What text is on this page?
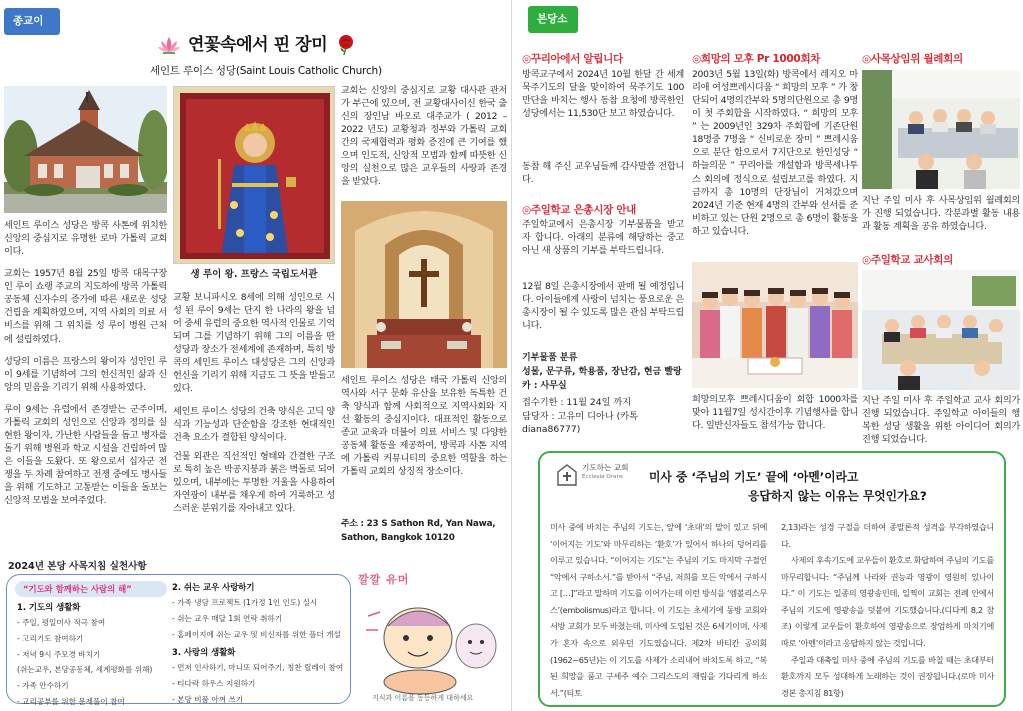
종교이야기	연꽃속에서 핀 장미
세인트 루이스 성당(Saint Louis Catholic Church)

세인트 루이스 성당은 방콕 사톤에 위치한 신앙의 중심지로 유명한 로마 가톨릭 교회이다.

교회는 1957년 8월 25일 방콕 대목구장인 루이 쇼랭 주교의 지도하에 방콕 가톨릭 공동체 신자수의 증가에 따른 새로운 성당 건립을 계획하였으며, 지역 사회의 의료 서비스를 위해 그 위치를 성 루이 병원 근처에 설립하였다.

성당의 이름은 프랑스의 왕이자 성인인 루이 9세를 기념하여 그의 헌신적인 삶과 신앙의 믿음을 기리기 위해 사용하였다.

루이 9세는 유럽에서 존경받는 군주이며, 가톨릭 교회의 성인으로 신앙과 정의를 실현한 왕이자, 가난한 사람들을 돕고 병자를 돌기 위해 병원과 학교 시설을 건립하여 많은 이들을 도왔다. 또 왕으로서 십자군 전쟁을 두 차례 참여하고 전쟁 중에도 병사들을 위해 기도하고 고통받는 이들을 돌보는 신앙적 모범을 보여주었다.

생 루이 왕. 프랑스 국립도서관

교황 보니파시오 8세에 의해 성인으로 시성 된 루이 9세는 단지 한 나라의 왕을 넘어 중세 유럽의 중요한 역사적 인물로 기억되며 그를 기념하기 위해 그의 이름을 딴 성당과 장소가 전세계에 존재하며, 특히 방콕의 세인트 루이스 대성당은 그의 신앙과 헌신을 기리기 위해 지금도 그 뜻을 받들고 있다.

세인트 루이스 성당의 건축 양식은 고딕 양식과 기능성과 단순함을 강조한 현대적인 건축 요소가 결합된 양식이다.

건물 외관은 직선적인 형태와 간결한 구조로 특히 높은 박공지붕과 붉은 벽돌로 되어 있으며, 내부에는 투명한 거울을 사용하여 자연광이 내부를 채우게 하여 거룩하고 성스러운 분위기를 자아내고 있다.

교회는 신앙의 중심지로 교황 대사관 관저가 부근에 있으며, 전 교황대사이신 한국 출신의 장인남 바오로 대주교가 ( 2012 – 2022 년도) 교황청과 정부와 가톨릭 교회 간의 국제협력과 평화 증진에 큰 기여를 했으며 인도적, 신앙적 모범과 함께 따뜻한 신앙의 실천으로 많은 교우들의 사랑과 존경을 받았다.
세인트 루이스 성당은 태국 가톨릭 신앙의 역사와 서구 문화 유산을 보유한 독특한 건축 양식과 함께 사회적으로 지역사회와 지선 활동의 중심지이다. 대표적인 활동으로 종교 교육과 더불어 의료 서비스 및 다양한 공동체 활동을 제공하여, 방콕과 사톤 지역에 가톨릭 커뮤니티의 중요한 역할을 하는 가톨릭 교회의 상징적 장소이다.
주소 : 23 S Sathon Rd, Yan Nawa, Sathon, Bangkok 10120
2024년 본당 사목지침 실천사항
“기도와 함께하는 사람의 해”
1. 기도의 생활화
- 주일, 평일미사 적극 참여
- 고리기도 참여하기
- 저녁 9시 주모경 바치기
(쉬는교우, 본당공동체, 세계평화를 위해)
- 가족 안수하기
- 교리공부를 위한 문제풀이 참여
2. 쉬는 교우 사랑하기
- 가족 냉담 프로젝트 (1가정 1인 인도) 실시
- 쉬는 교우 매달 1회 연락 취하기
- 홈페이지에 쉬는 교우 및 비신자를 위한 플더 개설
3. 사랑의 생활화
- 먼저 인사하기, 마니또 되어주기, 칭찬 릴레이 참여
- 티다락 하우스 지원하기
- 본당 비품 아껴 쓰기
깔깔 유머
지식과 이름을 동등하게 대하세요
본당소식
◎꾸리아에서 알립니다
방콕교구에서 2024년 10월 한달 간 세계 묵주기도의 달을 맞이하여 묵주기도 100만단을 바치는 행사 동참 요청에 방콕한인성당에서는 11,530단 보고 하였습니다.
동참 해 주신 교우님들께 감사말씀 전합니다.
◎주일학교 은총시장 안내
주일학교에서 은총시장 기부물품을 받고자 합니다. 아래의 분류에 해당하는 중고 아닌 새 상품의 기부를 부탁드립니다.
12월 8일 은총시장에서 판매 될 예정입니다. 아이들에게 사랑이 넘치는 풍요로운 은총시장이 될 수 있도록 많은 관심 부탁드립니다.
기부물품 분류
성물, 문구류, 학용품, 장난감, 현금 빨랑카 : 사무실
접수기한 : 11월 24일 까지
담당자 : 고유미 디아나 (카톡 diana86777)
◎희망의 모후 Pr 1000회차
2003년 5월 13일(화) 방콕에서 레지오 마리애 여성쁘레시디움 “ 희망의 모후 ” 가 창단되어 4명의간부와 5명의단원으로 총 9명이 첫 주회합을 시작하였다. “ 희망의 모후 ” 는 2009년인 329차 주회합에 기존단원 18명중 7명을 “ 신비로운 장미 ” 쁘레시움으로 분단 함으로서 7지단으로 한인성당 “ 하늘의문 ” 꾸리아를 개설함과 방콕세나투스 회의에 정식으로 설립보고를 하였다. 지금까지 총 10명의 단장님이 거쳐갔으며 2024년 기준 현재 4명의 간부와 선서를 준비하고 있는 단원 2명으로 총 6명이 활동을 하고 있습니다.
희망의모후 쁘레시디움이 회합 1000차를 맞아 11월7일 성시간이후 기념행사를 합니다. 일반신자들도 참석가능 합니다.
◎사목상임위 월례회의
지난 주일 미사 후 사목상임위 월례회의가 진행 되었습니다. 각분과별 활동 내용과 활동 계획을 공유 하였습니다.
◎주일학교 교사회의
지난 주일 미사 후 주일학교 교사 회의가 진행 되었습니다. 주일학교 아이들의 행복한 성당 생활을 위한 아이디어 회의가 진행 되었습니다.
기도하는 교회
Ecclesia Orans 미사 중 ‘주님의 기도’ 끝에 ‘아멘’이라고
응답하지 않는 이유는 무엇인가요?
미사 중에 바치는 주님의 기도는, 앞에 ‘초대’의 말이 있고 뒤에 ‘이어지는 기도’와 마무리하는 ‘환호’가 있어서 하나의 덩어리를 이루고 있습니다. “이어지는 기도”는 주님의 기도 마지막 구절인 “악에서 구하소서.”를 받아서 “주님, 저희를 모든 악에서 구하시고 […]”라고 말하며 기도를 이어가는데 이런 방식을 ‘엠볼리스무스’(embolismus)라고 합니다. 이 기도는 초세기에 동방 교회와 서방 교회가 모두 바쳤는데, 미사에 도입된 것은 6세기이며, 사제가 혼자 속으로 외우던 기도였습니다. 제2차 바티칸 공의회(1962~65년)는 이 기도를 사제가 소리내어 바치도록 하고, “복된 희망을 품고 구세주 예수 그리스도의 재림을 기다리게 하소서.”(티토
2,13)라는 성경 구절을 더하여 종말론적 성격을 부각하였습니다.
사제의 후속기도에 교우들이 환호로 화답하여 주님의 기도를 마무리합니다: “주님께 나라와 권능과 영광이 영원히 있나이다.” 이 기도는 일종의 영광송인데, 일찍이 교회는 전례 안에서 주님의 기도에 영광송을 덧붙여 기도했습니다.(디다케 8,2 참조) 이렇게 교우들이 환호하여 영광송으로 장엄하게 마치기에 따로 ‘아멘’이라고 응답하지 않는 것입니다.
주일과 대축일 미사 중에 주님의 기도를 바칠 때는 초대부터 환호까지 모두 성대하게 노래하는 것이 권장됩니다.(로마 미사 경본 총지침 81항)
